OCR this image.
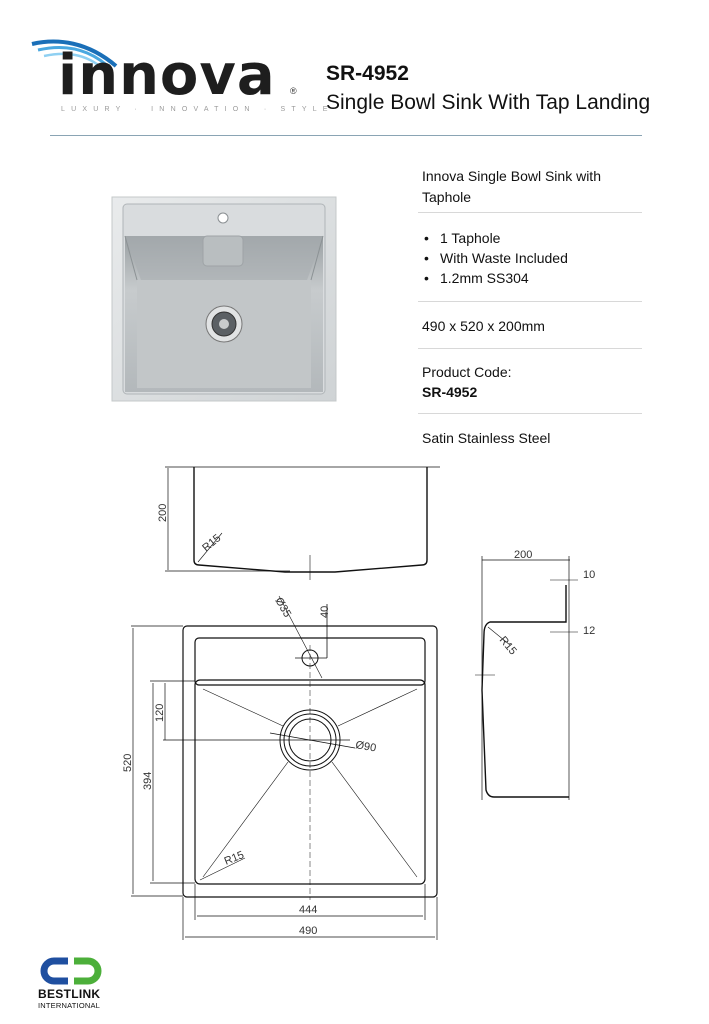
innova ®
LUXURY · INNOVATION · STYLE
SR-4952
Single Bowl Sink With Tap Landing
Innova Single Bowl Sink with Taphole
• 1 Taphole
• With Waste Included
• 1.2mm SS304
490 x 520 x 200mm
Product Code:
SR-4952
Satin Stainless Steel
200
R15
200
10
12
R15
Ø35 40
120
Ø90
394
520
R15
444
490
BESTLINK
INTERNATIONAL
